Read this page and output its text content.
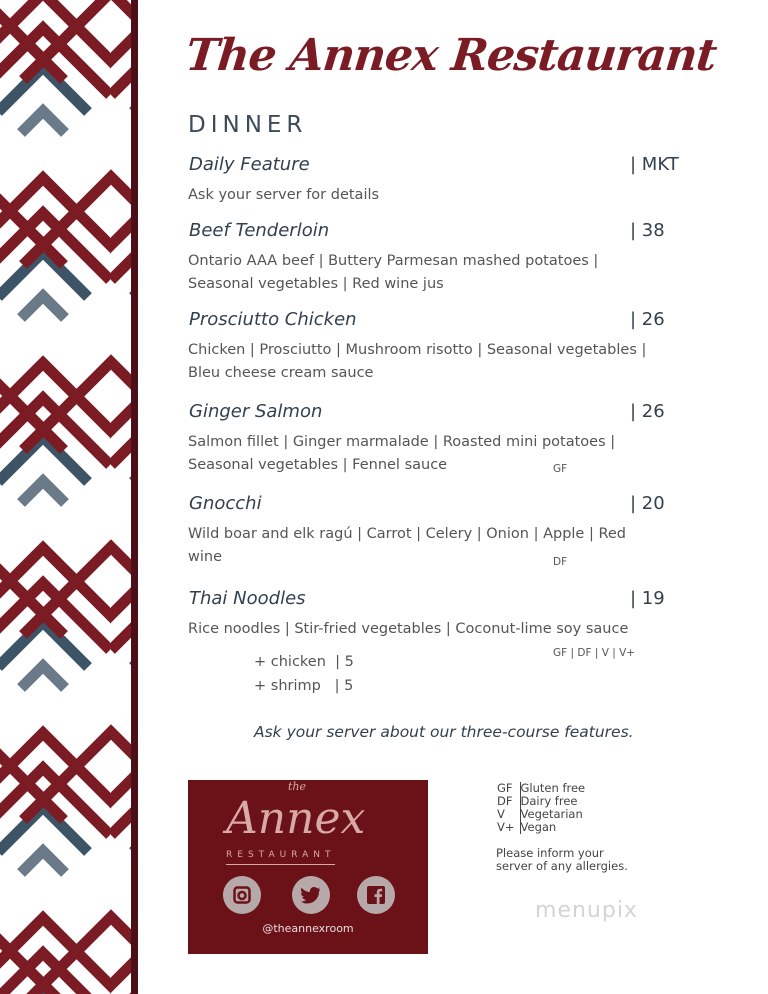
The Annex Restaurant
DINNER
Daily Feature	| MKT
Ask your server for details
Beef Tenderloin	| 38
Ontario AAA beef | Buttery Parmesan mashed potatoes |
Seasonal vegetables | Red wine jus
Prosciutto Chicken	| 26
Chicken | Prosciutto | Mushroom risotto | Seasonal vegetables |
Bleu cheese cream sauce
Ginger Salmon	| 26
Salmon fillet | Ginger marmalade | Roasted mini potatoes |
Seasonal vegetables | Fennel sauce	GF
Gnocchi	| 20
Wild boar and elk ragú | Carrot | Celery | Onion | Apple | Red
wine	DF
Thai Noodles	| 19
Rice noodles | Stir-fried vegetables | Coconut-lime soy sauce
GF | DF | V | V+
+ chicken  | 5
+ shrimp   | 5
Ask your server about our three-course features.
the
Annex
RESTAURANT
@theannexroom
GF	Gluten free
DF	Dairy free
V	Vegetarian
V+	Vegan
Please inform your
server of any allergies.
menupix
